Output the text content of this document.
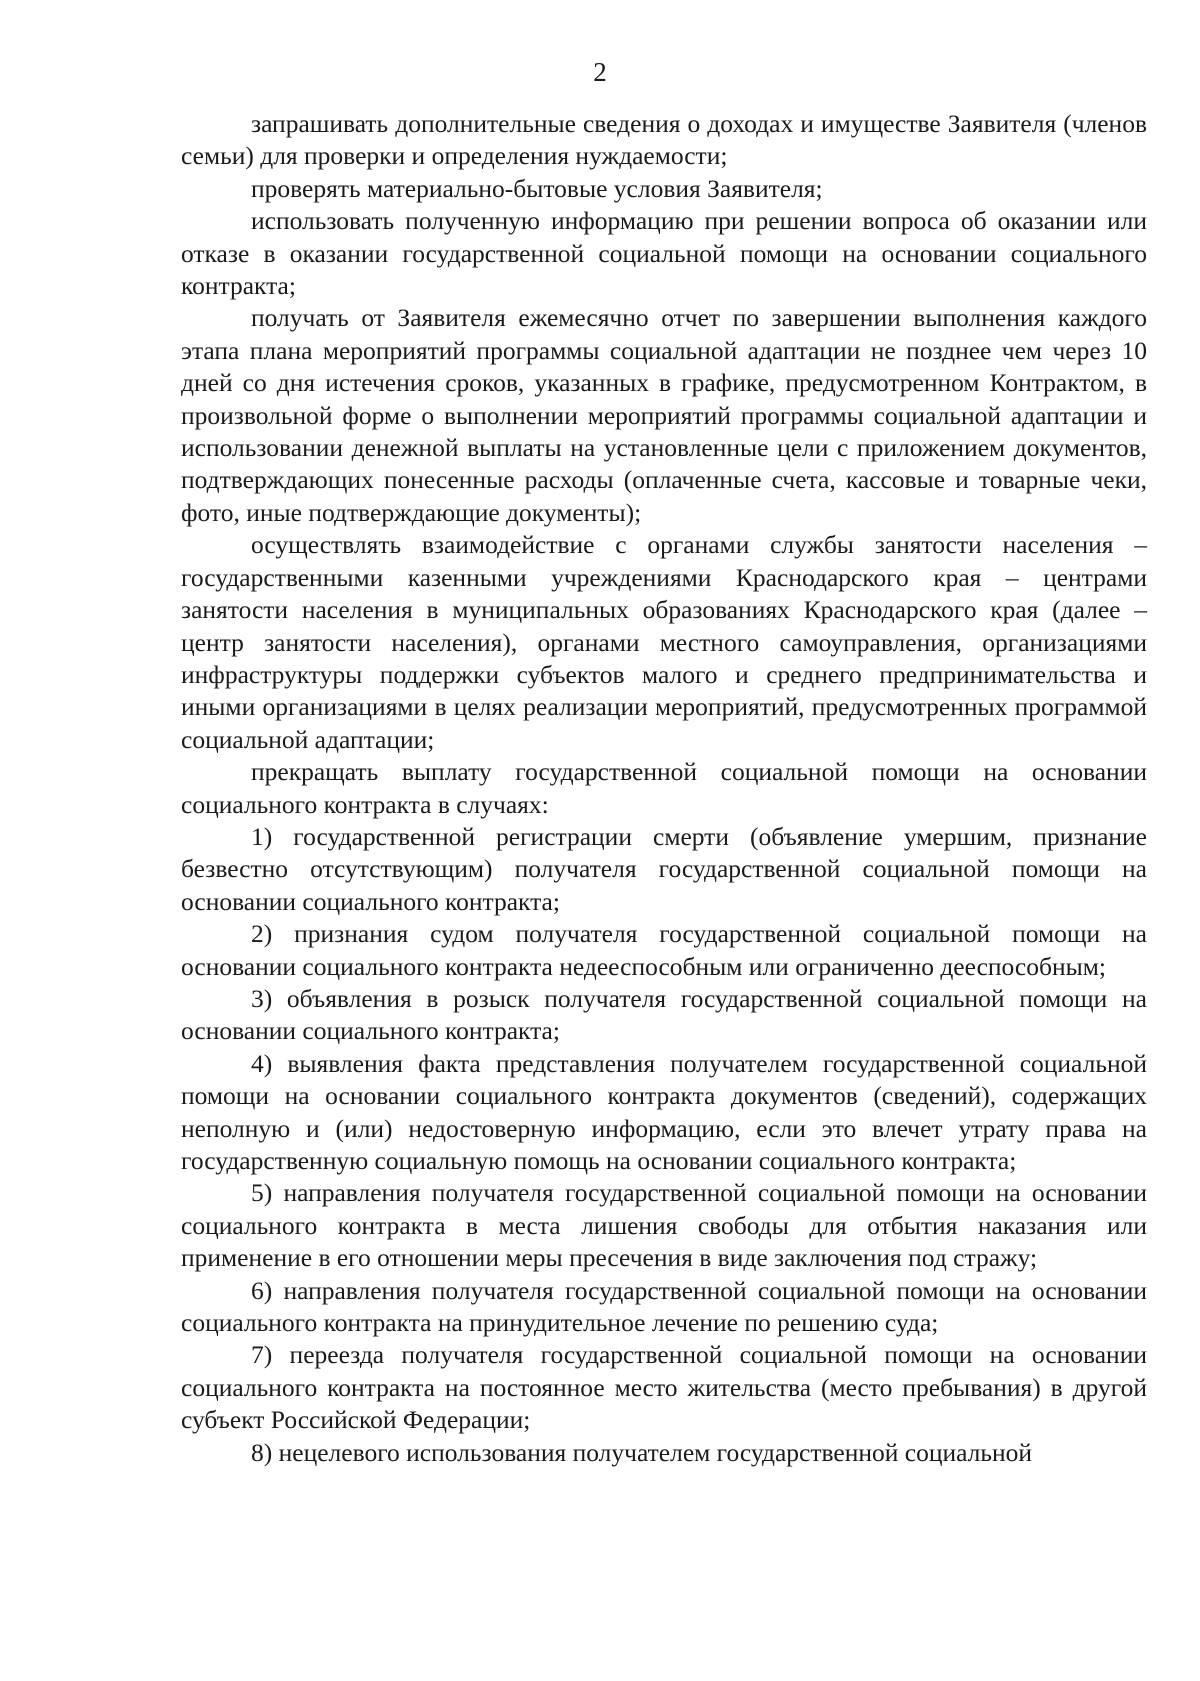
2

запрашивать дополнительные сведения о доходах и имуществе Заявителя (членов семьи) для проверки и определения нуждаемости;

проверять материально-бытовые условия Заявителя;

использовать полученную информацию при решении вопроса об оказании или отказе в оказании государственной социальной помощи на основании социального контракта;

получать от Заявителя ежемесячно отчет по завершении выполнения каждого этапа плана мероприятий программы социальной адаптации не позднее чем через 10 дней со дня истечения сроков, указанных в графике, предусмотренном Контрактом, в произвольной форме о выполнении мероприятий программы социальной адаптации и использовании денежной выплаты на установленные цели с приложением документов, подтверждающих понесенные расходы (оплаченные счета, кассовые и товарные чеки, фото, иные подтверждающие документы);

осуществлять взаимодействие с органами службы занятости населения – государственными казенными учреждениями Краснодарского края – центрами занятости населения в муниципальных образованиях Краснодарского края (далее – центр занятости населения), органами местного самоуправления, организациями инфраструктуры поддержки субъектов малого и среднего предпринимательства и иными организациями в целях реализации мероприятий, предусмотренных программой социальной адаптации;

прекращать выплату государственной социальной помощи на основании социального контракта в случаях:

1) государственной регистрации смерти (объявление умершим, признание безвестно отсутствующим) получателя государственной социальной помощи на основании социального контракта;

2) признания судом получателя государственной социальной помощи на основании социального контракта недееспособным или ограниченно дееспособным;

3) объявления в розыск получателя государственной социальной помощи на основании социального контракта;

4) выявления факта представления получателем государственной социальной помощи на основании социального контракта документов (сведений), содержащих неполную и (или) недостоверную информацию, если это влечет утрату права на государственную социальную помощь на основании социального контракта;

5) направления получателя государственной социальной помощи на основании социального контракта в места лишения свободы для отбытия наказания или применение в его отношении меры пресечения в виде заключения под стражу;

6) направления получателя государственной социальной помощи на основании социального контракта на принудительное лечение по решению суда;

7) переезда получателя государственной социальной помощи на основании социального контракта на постоянное место жительства (место пребывания) в другой субъект Российской Федерации;

8) нецелевого использования получателем государственной социальной
